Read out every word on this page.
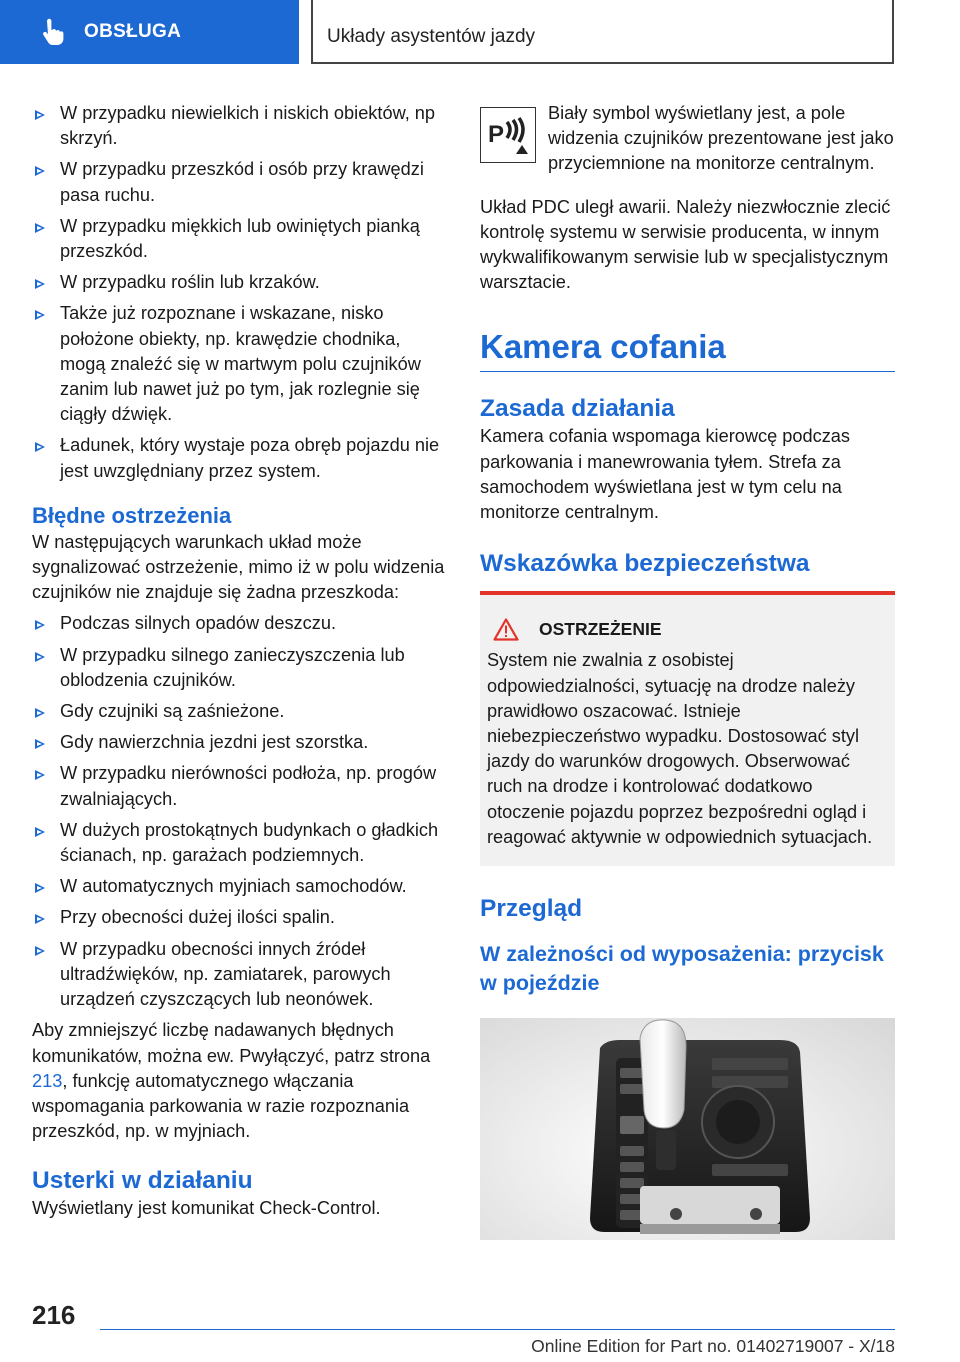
OBSŁUGA	Układy asystentów jazdy
W przypadku niewielkich i niskich obiektów, np skrzyń.
W przypadku przeszkód i osób przy krawędzi pasa ruchu.
W przypadku miękkich lub owiniętych pianką przeszkód.
W przypadku roślin lub krzaków.
Także już rozpoznane i wskazane, nisko położone obiekty, np. krawędzie chodnika, mogą znaleźć się w martwym polu czujników zanim lub nawet już po tym, jak rozlegnie się ciągły dźwięk.
Ładunek, który wystaje poza obręb pojazdu nie jest uwzględniany przez system.
Błędne ostrzeżenia

W następujących warunkach układ może sygnalizować ostrzeżenie, mimo iż w polu widzenia czujników nie znajduje się żadna przeszkoda:

Podczas silnych opadów deszczu.
W przypadku silnego zanieczyszczenia lub oblodzenia czujników.
Gdy czujniki są zaśnieżone.
Gdy nawierzchnia jezdni jest szorstka.
W przypadku nierówności podłoża, np. progów zwalniających.
W dużych prostokątnych budynkach o gładkich ścianach, np. garażach podziemnych.
W automatycznych myjniach samochodów.
Przy obecności dużej ilości spalin.
W przypadku obecności innych źródeł ultradźwięków, np. zamiatarek, parowych urządzeń czyszczących lub neonówek.

Aby zmniejszyć liczbę nadawanych błędnych komunikatów, można ew. Pwyłączyć, patrz strona 213, funkcję automatycznego włączania wspomagania parkowania w razie rozpoznania przeszkód, np. w myjniach.

Usterki w działaniu

Wyświetlany jest komunikat Check-Control.

P

Biały symbol wyświetlany jest, a pole widzenia czujników prezentowane jest jako przyciemnione na monitorze centralnym.

Układ PDC uległ awarii. Należy niezwłocznie zlecić kontrolę systemu w serwisie producenta, w innym wykwalifikowanym serwisie lub w specjalistycznym warsztacie.

Kamera cofania
Zasada działania

Kamera cofania wspomaga kierowcę podczas parkowania i manewrowania tyłem. Strefa za samochodem wyświetlana jest w tym celu na monitorze centralnym.

Wskazówka bezpieczeństwa
OSTRZEŻENIE

System nie zwalnia z osobistej odpowiedzialności, sytuację na drodze należy prawidłowo oszacować. Istnieje niebezpieczeństwo wypadku. Dostosować styl jazdy do warunków drogowych. Obserwować ruch na drodze i kontrolować dodatkowo otoczenie pojazdu poprzez bezpośredni ogląd i reagować aktywnie w odpowiednich sytuacjach.

Przegląd
W zależności od wyposażenia: przycisk w pojeździe
216
Online Edition for Part no. 01402719007 - X/18
